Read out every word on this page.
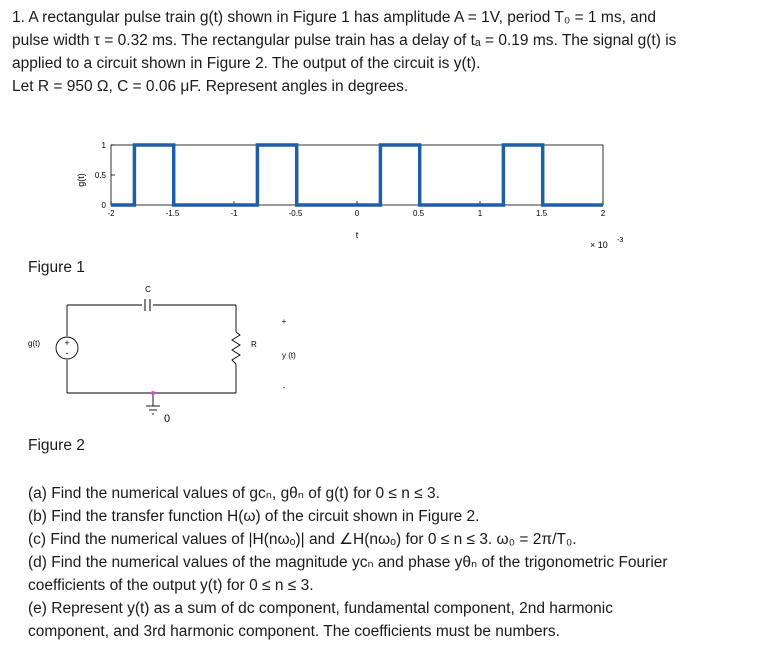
1. A rectangular pulse train g(t) shown in Figure 1 has amplitude A = 1V, period T₀ = 1 ms, and

pulse width τ = 0.32 ms. The rectangular pulse train has a delay of tₐ = 0.19 ms. The signal g(t) is

applied to a circuit shown in Figure 2. The output of the circuit is y(t).

Let R = 950 Ω, C = 0.06 μF. Represent angles in degrees.

g(t)
1
0.5
0
-2	-1.5	-1	-0.5	0	0.5	1	1.5	2
t
× 10 -3
Figure 1
g(t)	+
-
C
R
+
y (t)
-
0
Figure 2

(a) Find the numerical values of gcₙ, gθₙ of g(t) for 0 ≤ n ≤ 3.

(b) Find the transfer function H(ω) of the circuit shown in Figure 2.

(c) Find the numerical values of |H(nωₒ)| and ∠H(nωₒ) for 0 ≤ n ≤ 3. ω₀ = 2π/T₀.

(d) Find the numerical values of the magnitude ycₙ and phase yθₙ of the trigonometric Fourier

coefficients of the output y(t) for 0 ≤ n ≤ 3.

(e) Represent y(t) as a sum of dc component, fundamental component, 2nd harmonic

component, and 3rd harmonic component. The coefficients must be numbers.
